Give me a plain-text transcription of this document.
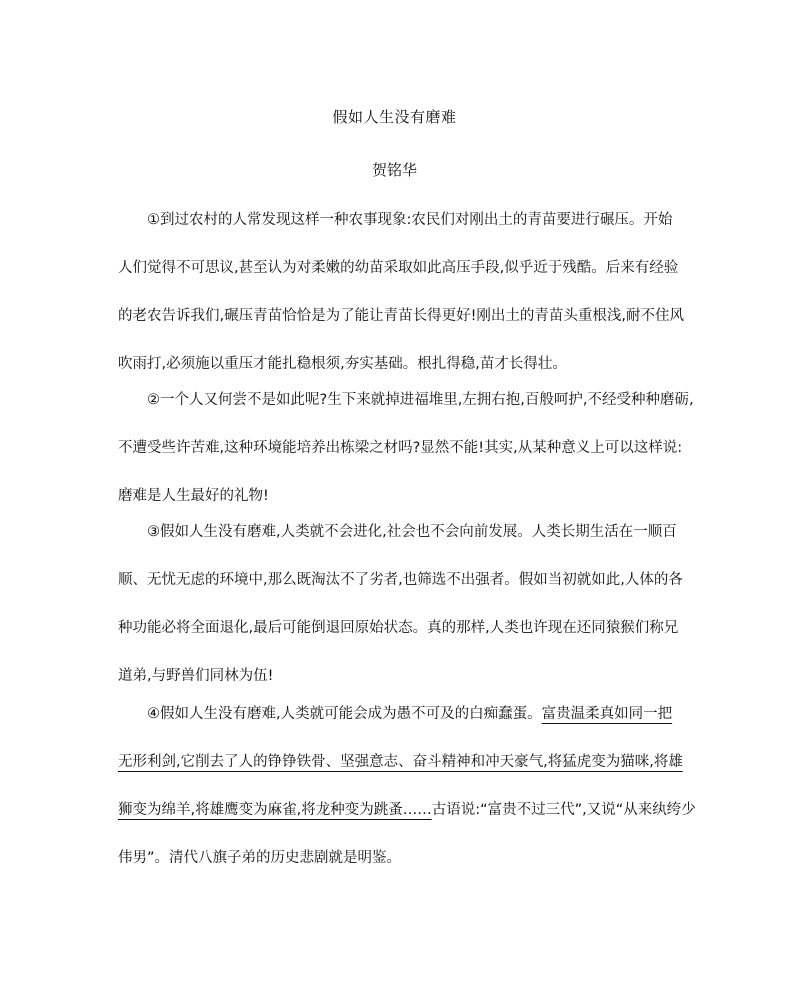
假如人生没有磨难
贺铭华
①到过农村的人常发现这样一种农事现象:农民们对刚出土的青苗要进行碾压。开始
人们觉得不可思议,甚至认为对柔嫩的幼苗采取如此高压手段,似乎近于残酷。后来有经验
的老农告诉我们,碾压青苗恰恰是为了能让青苗长得更好!刚出土的青苗头重根浅,耐不住风
吹雨打,必须施以重压才能扎稳根须,夯实基础。根扎得稳,苗才长得壮。
②一个人又何尝不是如此呢?生下来就掉进福堆里,左拥右抱,百般呵护,不经受种种磨砺,
不遭受些许苦难,这种环境能培养出栋梁之材吗?显然不能!其实,从某种意义上可以这样说:
磨难是人生最好的礼物!
③假如人生没有磨难,人类就不会进化,社会也不会向前发展。人类长期生活在一顺百
顺、无忧无虑的环境中,那么既淘汰不了劣者,也筛选不出强者。假如当初就如此,人体的各
种功能必将全面退化,最后可能倒退回原始状态。真的那样,人类也许现在还同猿猴们称兄
道弟,与野兽们同林为伍!
④假如人生没有磨难,人类就可能会成为愚不可及的白痴蠢蛋。富贵温柔真如同一把
无形利剑,它削去了人的铮铮铁骨、坚强意志、奋斗精神和冲天豪气,将猛虎变为猫咪,将雄
狮变为绵羊,将雄鹰变为麻雀,将龙种变为跳蚤……古语说:“富贵不过三代”,又说“从来纨绔少
伟男”。清代八旗子弟的历史悲剧就是明鉴。
